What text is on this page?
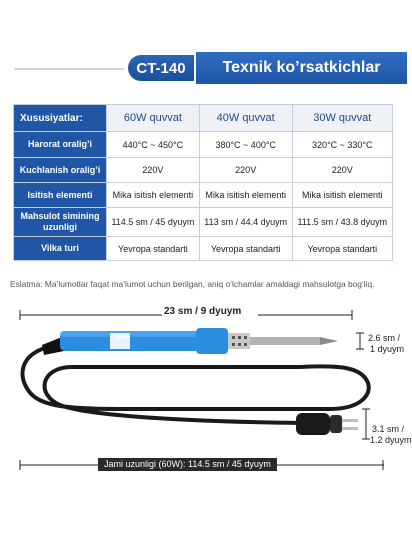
CT-140	Texnik ko’rsatkichlar
Xususiyatlar:	60W quvvat	40W quvvat	30W quvvat
Harorat oralig’i	440°C ~ 450°C	380°C ~ 400°C	320°C ~ 330°C
Kuchlanish oralig’i	220V	220V	220V
Isitish elementi	Mika isitish elementi	Mika isitish elementi	Mika isitish elementi
Mahsulot simining uzunligi	114.5 sm / 45 dyuym	113 sm / 44.4 dyuym	111.5 sm / 43.8 dyuym
Vilka turi	Yevropa standarti	Yevropa standarti	Yevropa standarti
Eslatma: Ma’lumotlar faqat ma’lumot uchun berilgan, aniq o‘lchamlar amaldagi mahsulotga bog‘liq.
23 sm / 9 dyuym
60W	2.6 sm /
1 dyuym
3.1 sm /
1.2 dyuym
Jami uzunligi (60W): 114.5 sm / 45 dyuym
